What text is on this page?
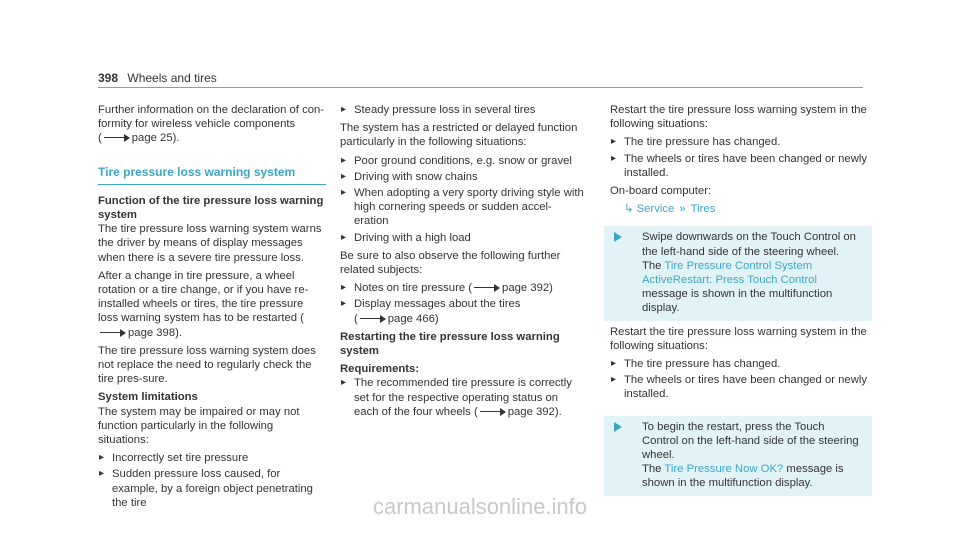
398 Wheels and tires

Further information on the declaration of con-
formity for wireless vehicle components
(	page 25).

Tire pressure loss warning system

Function of the tire pressure loss warning system

The tire pressure loss warning system warns the driver by means of display messages when there is a severe tire pressure loss.

After a change in tire pressure, a wheel rotation or a tire change, or if you have re-installed wheels or tires, the tire pressure loss warning system has to be restarted (page 398).

The tire pressure loss warning system does not replace the need to regularly check the tire pres-sure.

System limitations

The system may be impaired or may not function particularly in the following situations:

▸ Incorrectly set tire pressure
▸ Sudden pressure loss caused, for example, by a foreign object penetrating the tire
▸ Steady pressure loss in several tires

The system has a restricted or delayed function particularly in the following situations:

▸ Poor ground conditions, e.g. snow or gravel
▸ Driving with snow chains
▸ When adopting a very sporty driving style with high cornering speeds or sudden accel-eration
▸ Driving with a high load

Be sure to also observe the following further related subjects:

▸ Notes on tire pressure (	page 392)
▸ Display messages about the tires
(	page 466)

Restarting the tire pressure loss warning system

Requirements:

▸ The recommended tire pressure is correctly set for the respective operating status on each of the four wheels (	page 392).

Restart the tire pressure loss warning system in the following situations:

▸ The tire pressure has changed.
▸ The wheels or tires have been changed or newly installed.

On-board computer:

↳ Service » Tires
Swipe downwards on the Touch Control on the left-hand side of the steering wheel.
The Tire Pressure Control System ActiveRestart: Press Touch Control message is shown in the multifunction display.

Restart the tire pressure loss warning system in the following situations:

▸ The tire pressure has changed.
▸ The wheels or tires have been changed or newly installed.
To begin the restart, press the Touch Control on the left-hand side of the steering wheel.
The Tire Pressure Now OK? message is shown in the multifunction display.
carmanualsonline.info
